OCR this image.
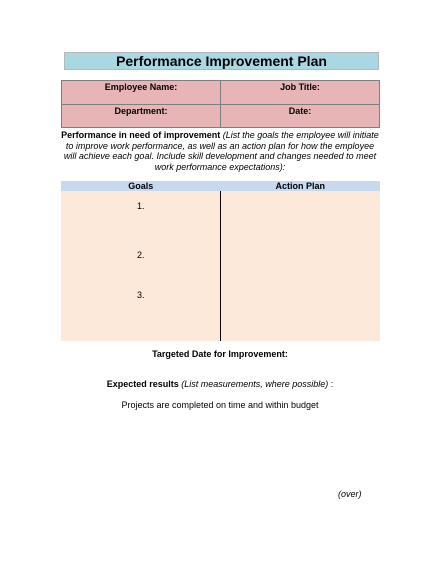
Performance Improvement Plan
Employee Name:	Job Title:
Department:	Date:
Performance in need of improvement (List the goals the employee will initiate to improve work performance, as well as an action plan for how the employee will achieve each goal. Include skill development and changes needed to meet work performance expectations):
Goals	Action Plan

1.
2.
3.	

Targeted Date for Improvement:
Expected results (List measurements, where possible) :
Projects are completed on time and within budget
(over)
